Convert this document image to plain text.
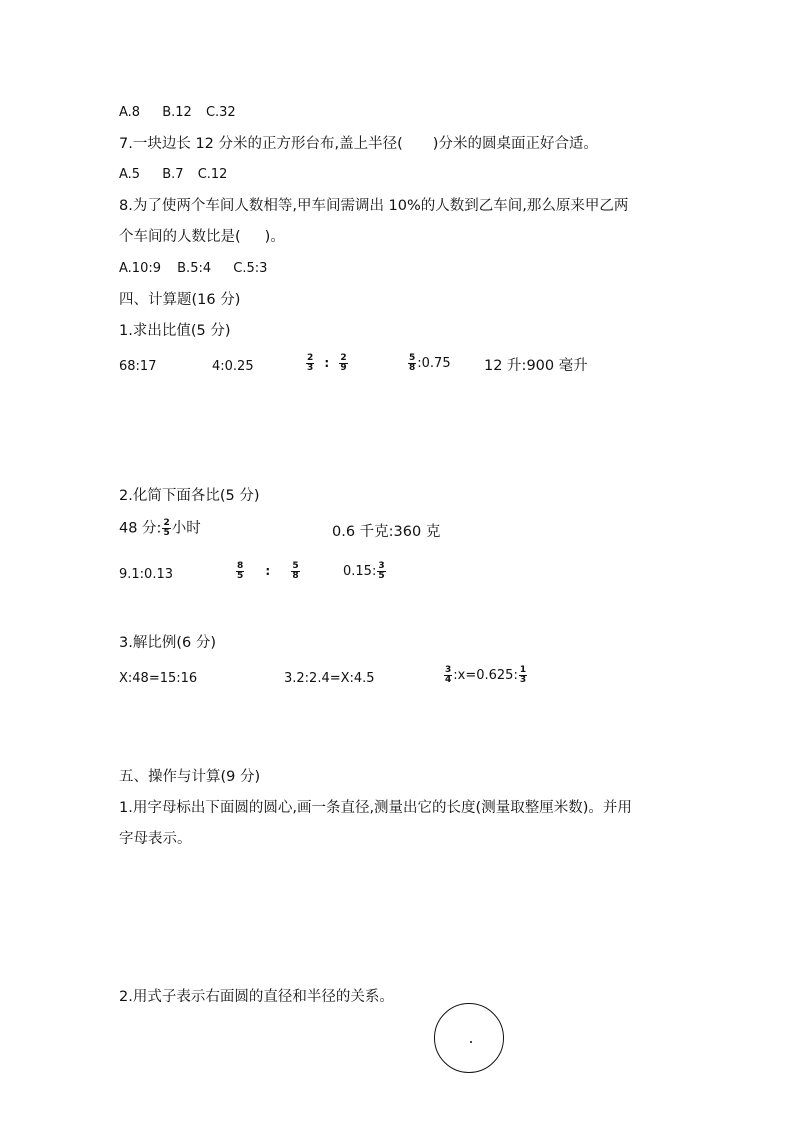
A.8 B.12 C.32
7.一块边长 12 分米的正方形台布,盖上半径( )分米的圆桌面正好合适。
A.5 B.7 C.12
8.为了使两个车间人数相等,甲车间需调出 10%的人数到乙车间,那么原来甲乙两
个车间的人数比是( )。
A.10:9 B.5:4 C.5:3
四、计算题(16 分)
1.求出比值(5 分)
68:17	4:0.25	$\frac{2}{3}$ : $\frac{2}{9}$	$\frac{5}{8}$ :0.75 12 升:900 毫升
2.化简下面各比(5 分)
48 分: $\frac{2}{5}$ 小时	0.6 千克:360 克
9.1:0.13	$\frac{8}{5}$ : $\frac{5}{8}$	0.15: $\frac{3}{5}$
3.解比例(6 分)
X:48=15:16	3.2:2.4=X:4.5	$\frac{3}{4}$ :x=0.625: $\frac{1}{3}$
五、操作与计算(9 分)
1.用字母标出下面圆的圆心,画一条直径,测量出它的长度(测量取整厘米数)。并用
字母表示。
2.用式子表示右面圆的直径和半径的关系。
